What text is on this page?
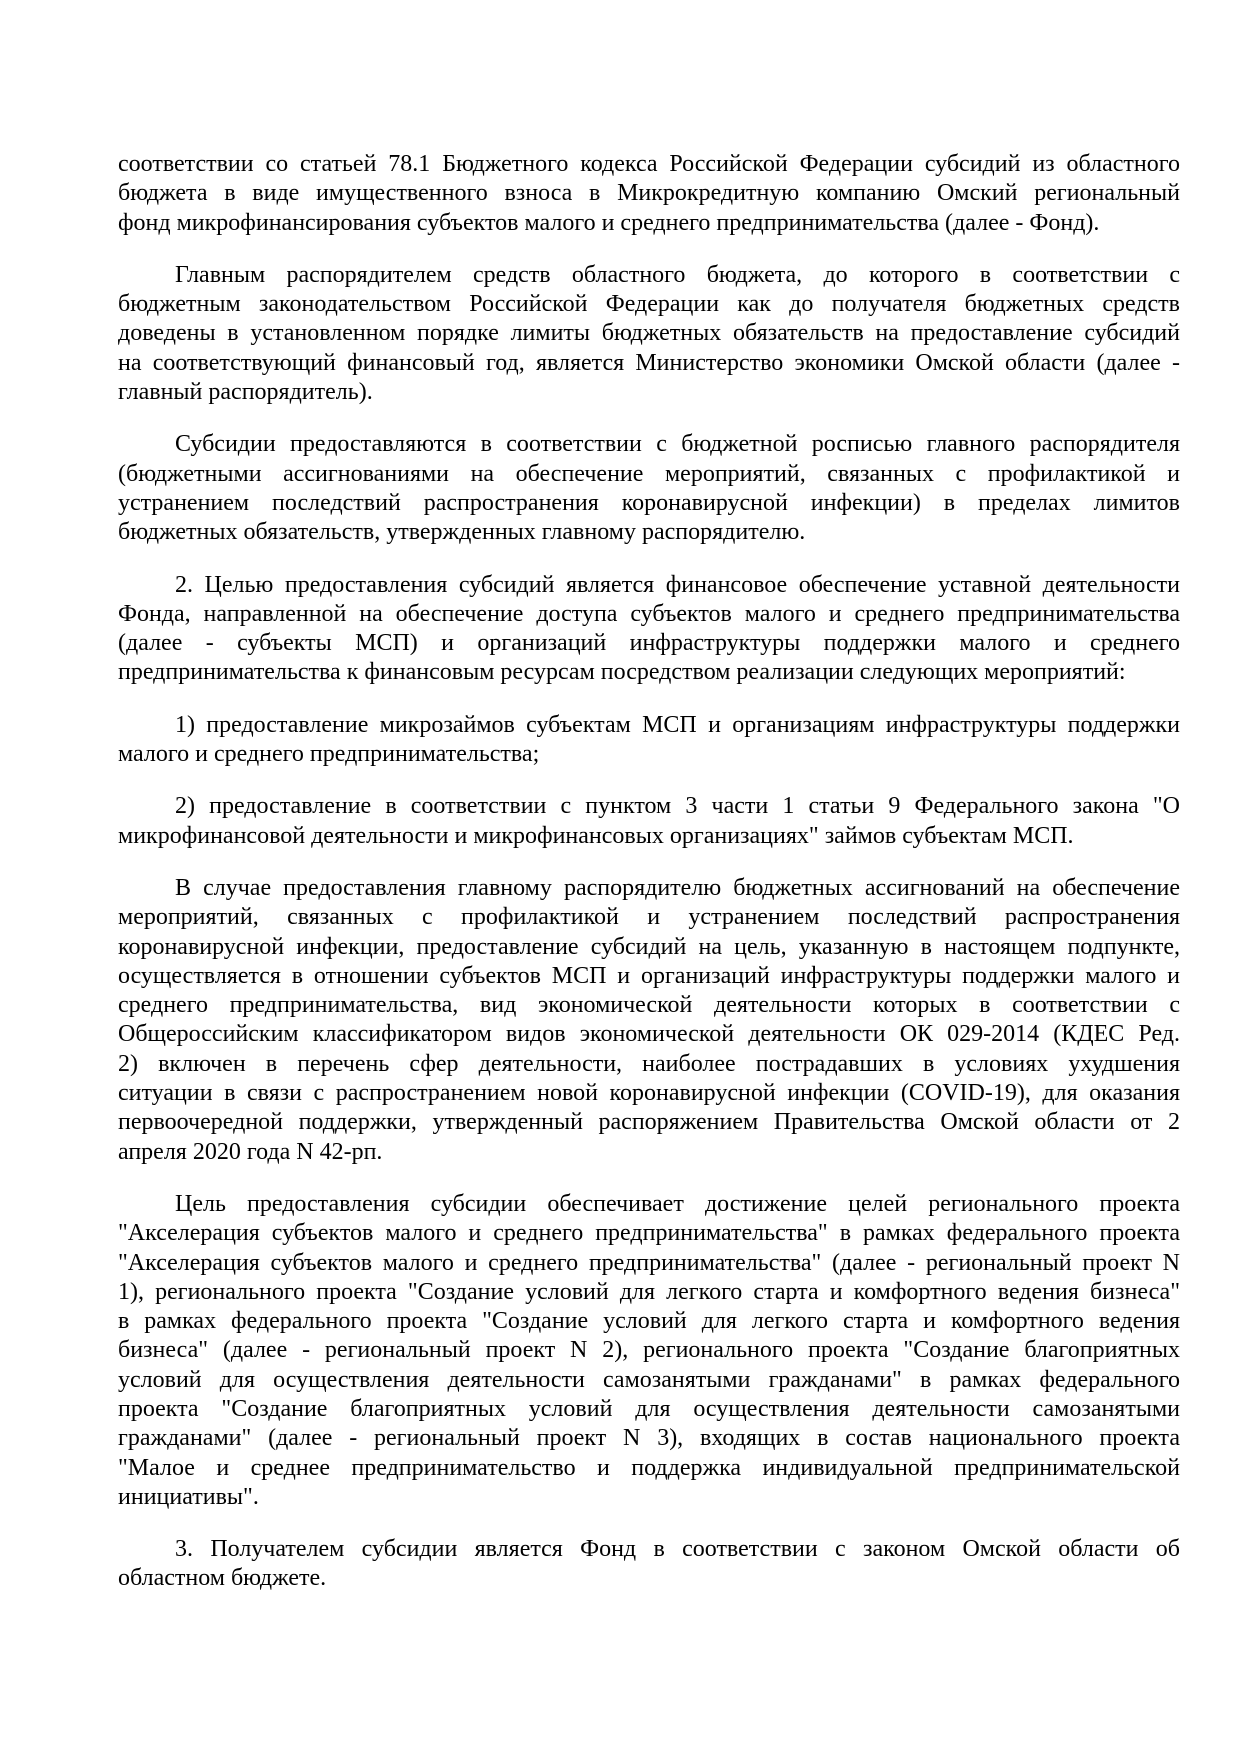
соответствии со статьей 78.1 Бюджетного кодекса Российской Федерации субсидий из областного
бюджета в виде имущественного взноса в Микрокредитную компанию Омский региональный
фонд микрофинансирования субъектов малого и среднего предпринимательства (далее - Фонд).
Главным распорядителем средств областного бюджета, до которого в соответствии с
бюджетным законодательством Российской Федерации как до получателя бюджетных средств
доведены в установленном порядке лимиты бюджетных обязательств на предоставление субсидий
на соответствующий финансовый год, является Министерство экономики Омской области (далее -
главный распорядитель).
Субсидии предоставляются в соответствии с бюджетной росписью главного распорядителя
(бюджетными ассигнованиями на обеспечение мероприятий, связанных с профилактикой и
устранением последствий распространения коронавирусной инфекции) в пределах лимитов
бюджетных обязательств, утвержденных главному распорядителю.
2. Целью предоставления субсидий является финансовое обеспечение уставной деятельности
Фонда, направленной на обеспечение доступа субъектов малого и среднего предпринимательства
(далее - субъекты МСП) и организаций инфраструктуры поддержки малого и среднего
предпринимательства к финансовым ресурсам посредством реализации следующих мероприятий:
1) предоставление микрозаймов субъектам МСП и организациям инфраструктуры поддержки
малого и среднего предпринимательства;
2) предоставление в соответствии с пунктом 3 части 1 статьи 9 Федерального закона "О
микрофинансовой деятельности и микрофинансовых организациях" займов субъектам МСП.
В случае предоставления главному распорядителю бюджетных ассигнований на обеспечение
мероприятий, связанных с профилактикой и устранением последствий распространения
коронавирусной инфекции, предоставление субсидий на цель, указанную в настоящем подпункте,
осуществляется в отношении субъектов МСП и организаций инфраструктуры поддержки малого и
среднего предпринимательства, вид экономической деятельности которых в соответствии с
Общероссийским классификатором видов экономической деятельности ОК 029-2014 (КДЕС Ред.
2) включен в перечень сфер деятельности, наиболее пострадавших в условиях ухудшения
ситуации в связи с распространением новой коронавирусной инфекции (COVID-19), для оказания
первоочередной поддержки, утвержденный распоряжением Правительства Омской области от 2
апреля 2020 года N 42-рп.
Цель предоставления субсидии обеспечивает достижение целей регионального проекта
"Акселерация субъектов малого и среднего предпринимательства" в рамках федерального проекта
"Акселерация субъектов малого и среднего предпринимательства" (далее - региональный проект N
1), регионального проекта "Создание условий для легкого старта и комфортного ведения бизнеса"
в рамках федерального проекта "Создание условий для легкого старта и комфортного ведения
бизнеса" (далее - региональный проект N 2), регионального проекта "Создание благоприятных
условий для осуществления деятельности самозанятыми гражданами" в рамках федерального
проекта "Создание благоприятных условий для осуществления деятельности самозанятыми
гражданами" (далее - региональный проект N 3), входящих в состав национального проекта
"Малое и среднее предпринимательство и поддержка индивидуальной предпринимательской
инициативы".
3. Получателем субсидии является Фонд в соответствии с законом Омской области об
областном бюджете.
